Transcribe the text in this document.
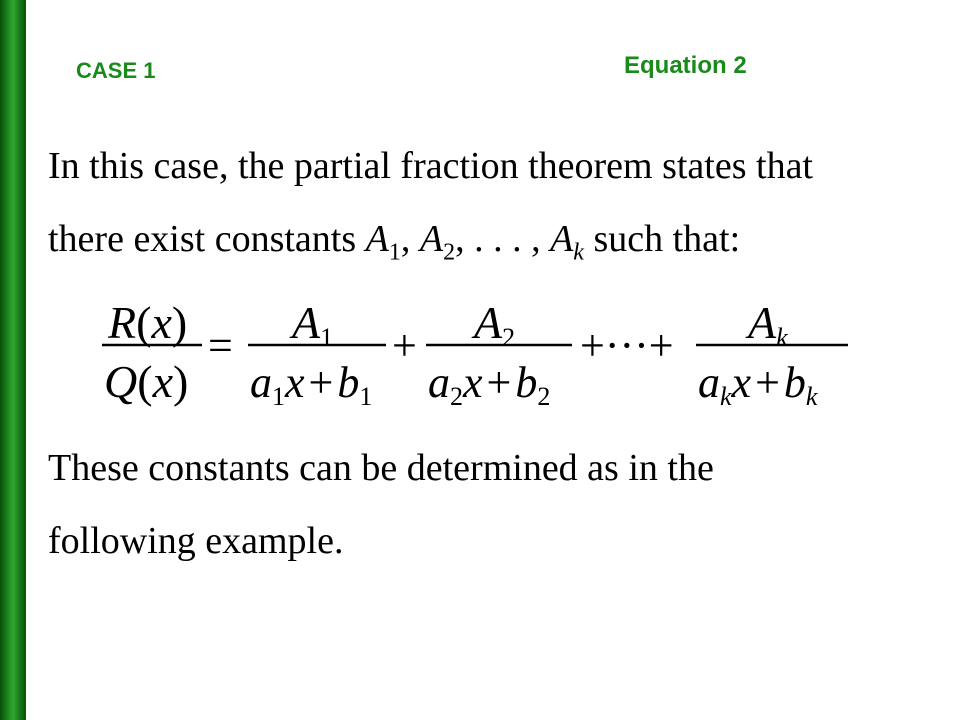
CASE 1	Equation 2

In this case, the partial fraction theorem states that
there exist constants $A_1$, $A_2$, . . . , $A_k$ such that:

R(x)
Q(x)
= A1
a1x+b1
+ A2
a2x+b2
+···+ Ak
akx+bk

These constants can be determined as in the
following example.
